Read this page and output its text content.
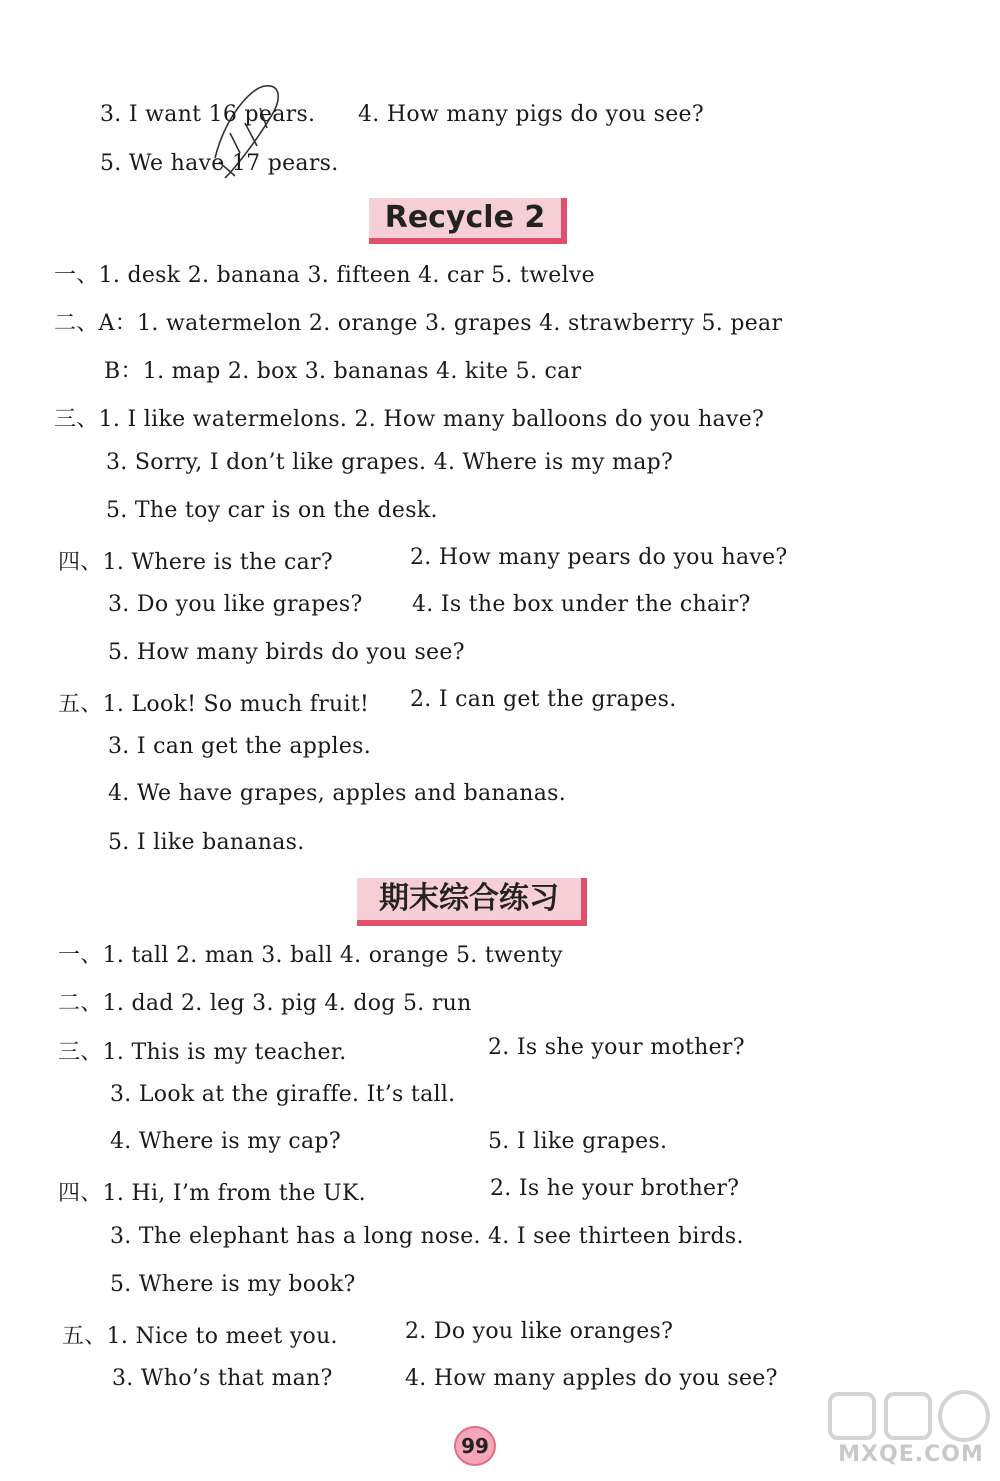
3. I want 16 pears. 4. How many pigs do you see?
5. We have 17 pears.
Recycle 2
一、1. desk 2. banana 3. fifteen 4. car 5. twelve
二、A：1. watermelon 2. orange 3. grapes 4. strawberry 5. pear
B：1. map 2. box 3. bananas 4. kite 5. car
三、1. I like watermelons. 2. How many balloons do you have?
3. Sorry, I don’t like grapes. 4. Where is my map?
5. The toy car is on the desk.
四、1. Where is the car?	2. How many pears do you have?
3. Do you like grapes? 4. Is the box under the chair?
5. How many birds do you see?
五、1. Look! So much fruit! 2. I can get the grapes.
3. I can get the apples.
4. We have grapes, apples and bananas.
5. I like bananas.
期末综合练习
一、1. tall 2. man 3. ball 4. orange 5. twenty
二、1. dad 2. leg 3. pig 4. dog 5. run
三、1. This is my teacher.	2. Is she your mother?
3. Look at the giraffe. It’s tall.
4. Where is my cap?	5. I like grapes.
四、1. Hi, I’m from the UK.	2. Is he your brother?
3. The elephant has a long nose. 4. I see thirteen birds.
5. Where is my book?
五、1. Nice to meet you.	2. Do you like oranges?
3. Who’s that man?	4. How many apples do you see?
99	MXQE.COM
